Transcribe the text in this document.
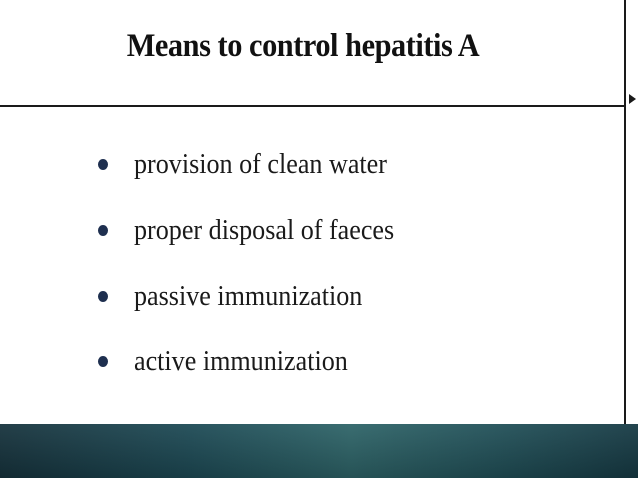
Means to control hepatitis A
provision of clean water
proper disposal of faeces
passive immunization
active immunization
